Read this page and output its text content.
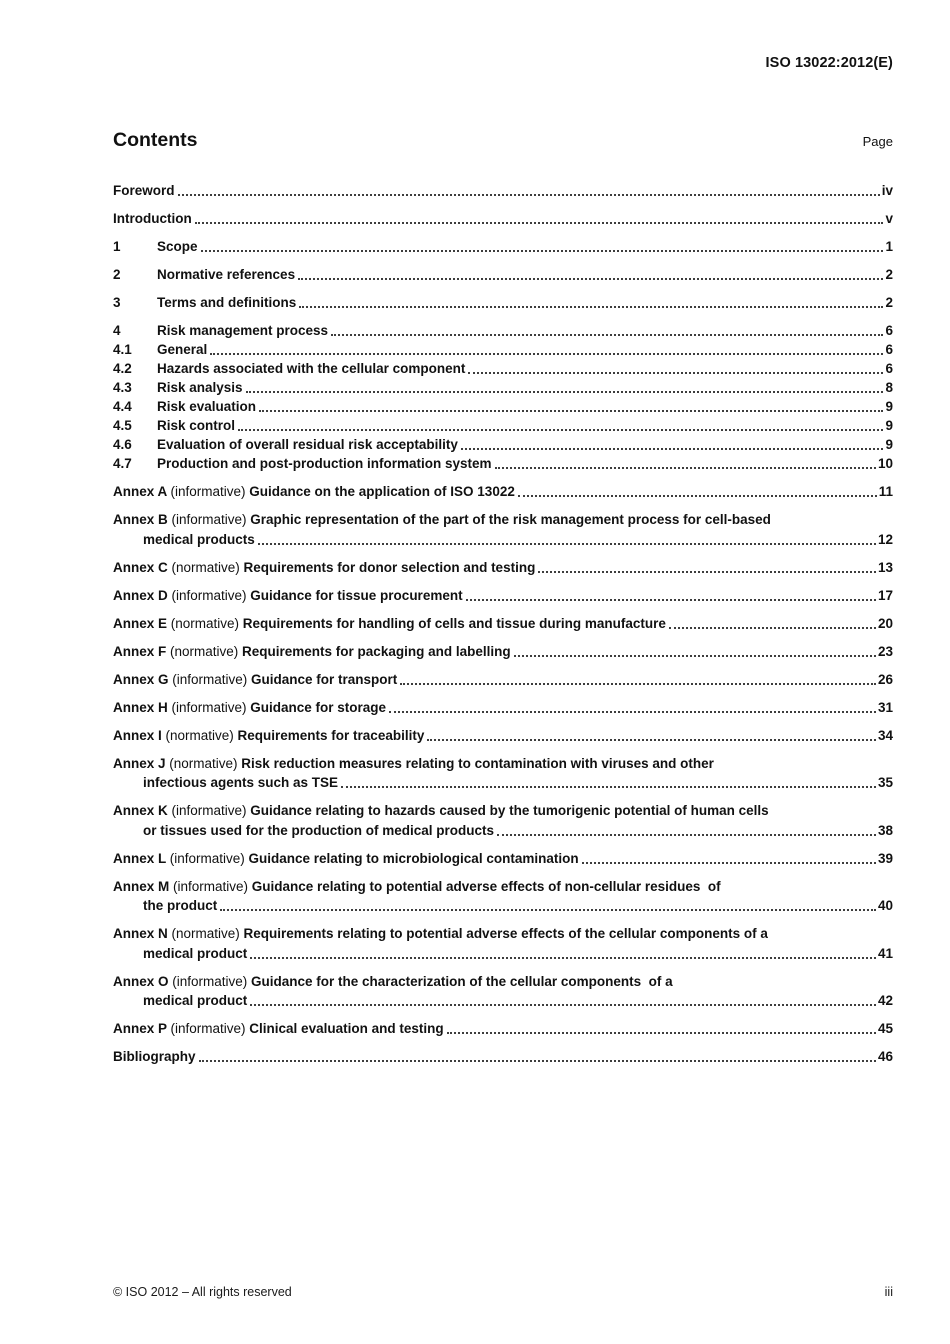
ISO 13022:2012(E)
Contents	Page
Foreword	iv
Introduction	v
1	Scope	1
2	Normative references	2
3	Terms and definitions	2
4	Risk management process	6
4.1	General	6
4.2	Hazards associated with the cellular component	6
4.3	Risk analysis	8
4.4	Risk evaluation	9
4.5	Risk control	9
4.6	Evaluation of overall residual risk acceptability	9
4.7	Production and post-production information system	10
Annex A (informative) Guidance on the application of ISO 13022	11
Annex B (informative) Graphic representation of the part of the risk management process for cell-based
medical products	12
Annex C (normative) Requirements for donor selection and testing	13
Annex D (informative) Guidance for tissue procurement	17
Annex E (normative) Requirements for handling of cells and tissue during manufacture	20
Annex F (normative) Requirements for packaging and labelling	23
Annex G (informative) Guidance for transport	26
Annex H (informative) Guidance for storage	31
Annex I (normative) Requirements for traceability	34
Annex J (normative) Risk reduction measures relating to contamination with viruses and other
infectious agents such as TSE	35
Annex K (informative) Guidance relating to hazards caused by the tumorigenic potential of human cells
or tissues used for the production of medical products	38
Annex L (informative) Guidance relating to microbiological contamination	39
Annex M (informative) Guidance relating to potential adverse effects of non-cellular residues  of
the product	40
Annex N (normative) Requirements relating to potential adverse effects of the cellular components of a
medical product	41
Annex O (informative) Guidance for the characterization of the cellular components  of a
medical product	42
Annex P (informative) Clinical evaluation and testing	45
Bibliography	46
© ISO 2012 – All rights reserved	iii
